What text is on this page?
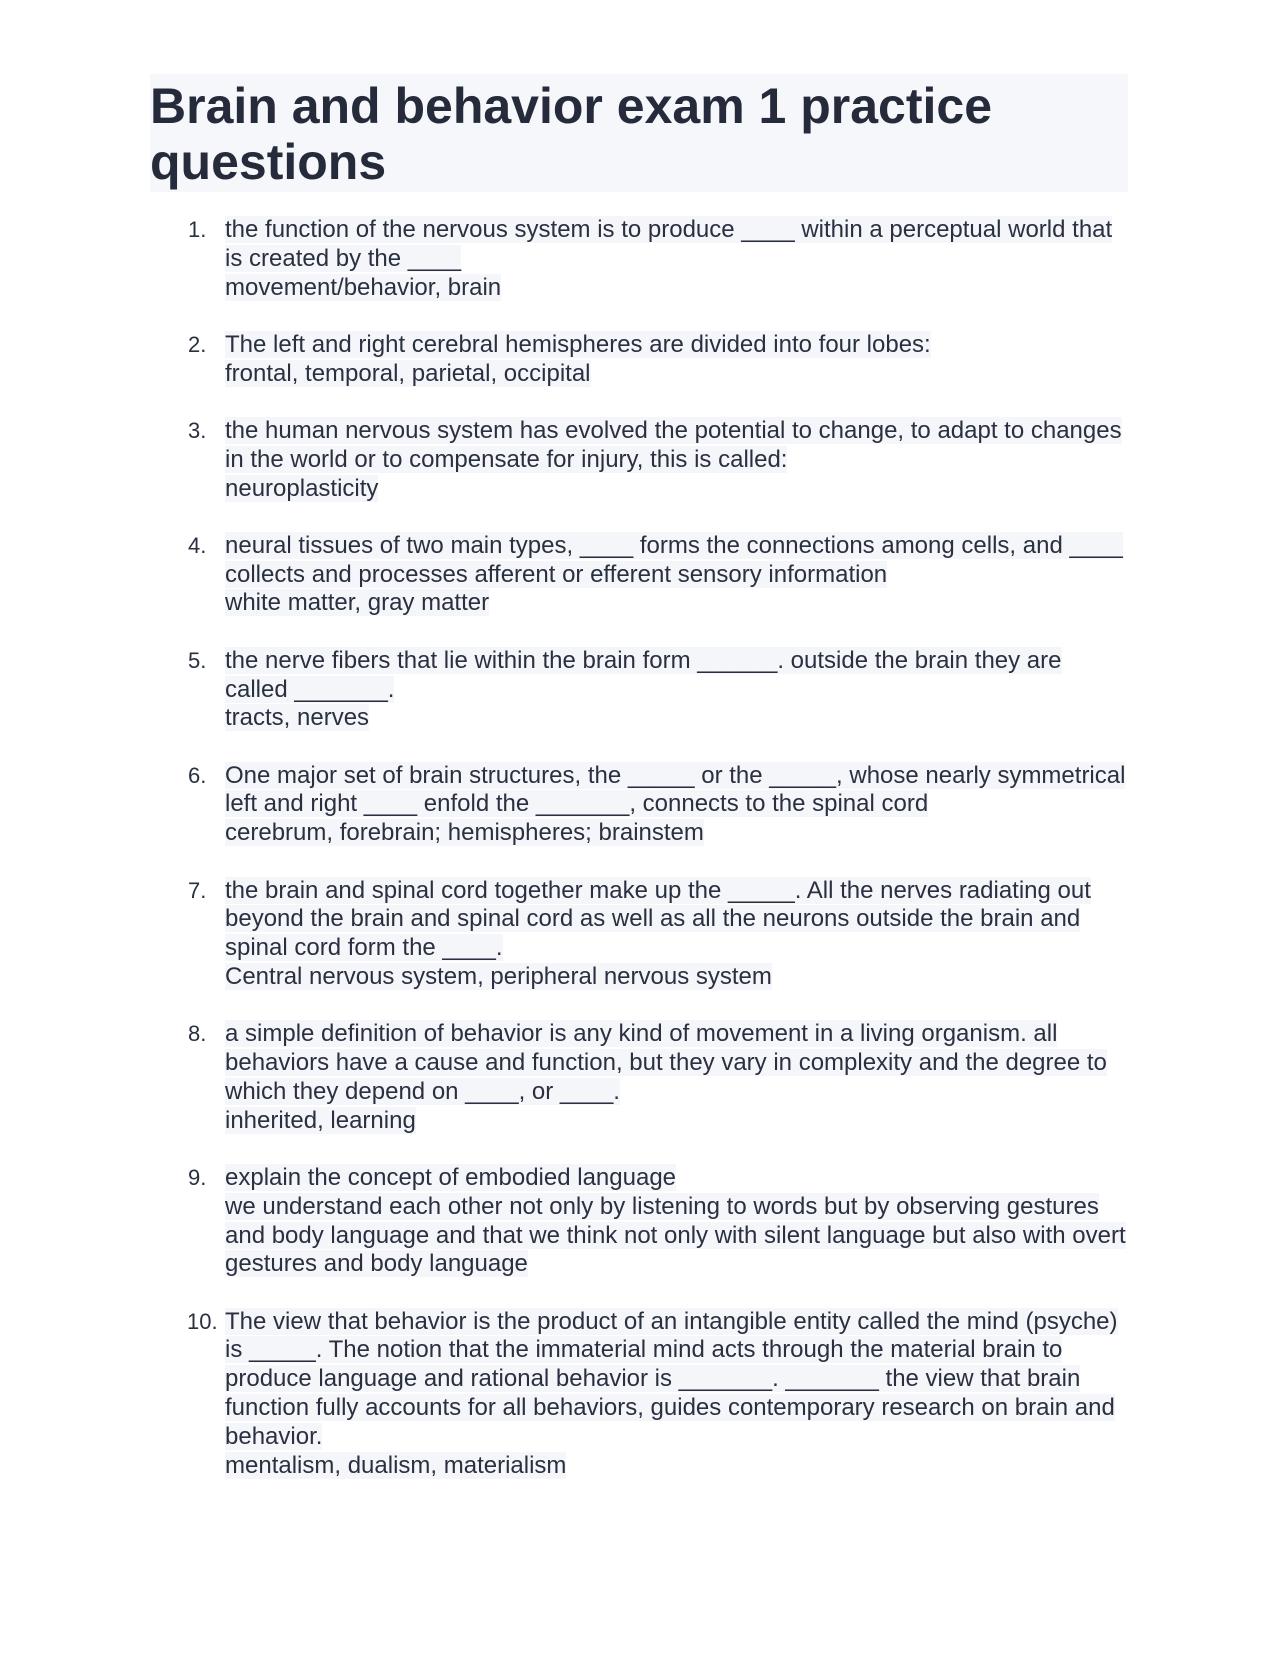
Brain and behavior exam 1 practice questions
1. the function of the nervous system is to produce ____ within a perceptual world that is created by the ____
movement/behavior, brain
2. The left and right cerebral hemispheres are divided into four lobes:
frontal, temporal, parietal, occipital
3. the human nervous system has evolved the potential to change, to adapt to changes in the world or to compensate for injury, this is called:
neuroplasticity
4. neural tissues of two main types, ____ forms the connections among cells, and ____ collects and processes afferent or efferent sensory information
white matter, gray matter
5. the nerve fibers that lie within the brain form ______. outside the brain they are called _______.
tracts, nerves
6. One major set of brain structures, the _____ or the _____, whose nearly symmetrical left and right ____ enfold the _______, connects to the spinal cord
cerebrum, forebrain; hemispheres; brainstem
7. the brain and spinal cord together make up the _____. All the nerves radiating out beyond the brain and spinal cord as well as all the neurons outside the brain and spinal cord form the ____.
Central nervous system, peripheral nervous system
8. a simple definition of behavior is any kind of movement in a living organism. all behaviors have a cause and function, but they vary in complexity and the degree to which they depend on ____, or ____.
inherited, learning
9. explain the concept of embodied language
we understand each other not only by listening to words but by observing gestures and body language and that we think not only with silent language but also with overt gestures and body language
10. The view that behavior is the product of an intangible entity called the mind (psyche) is _____. The notion that the immaterial mind acts through the material brain to produce language and rational behavior is _______. _______ the view that brain function fully accounts for all behaviors, guides contemporary research on brain and behavior.
mentalism, dualism, materialism
